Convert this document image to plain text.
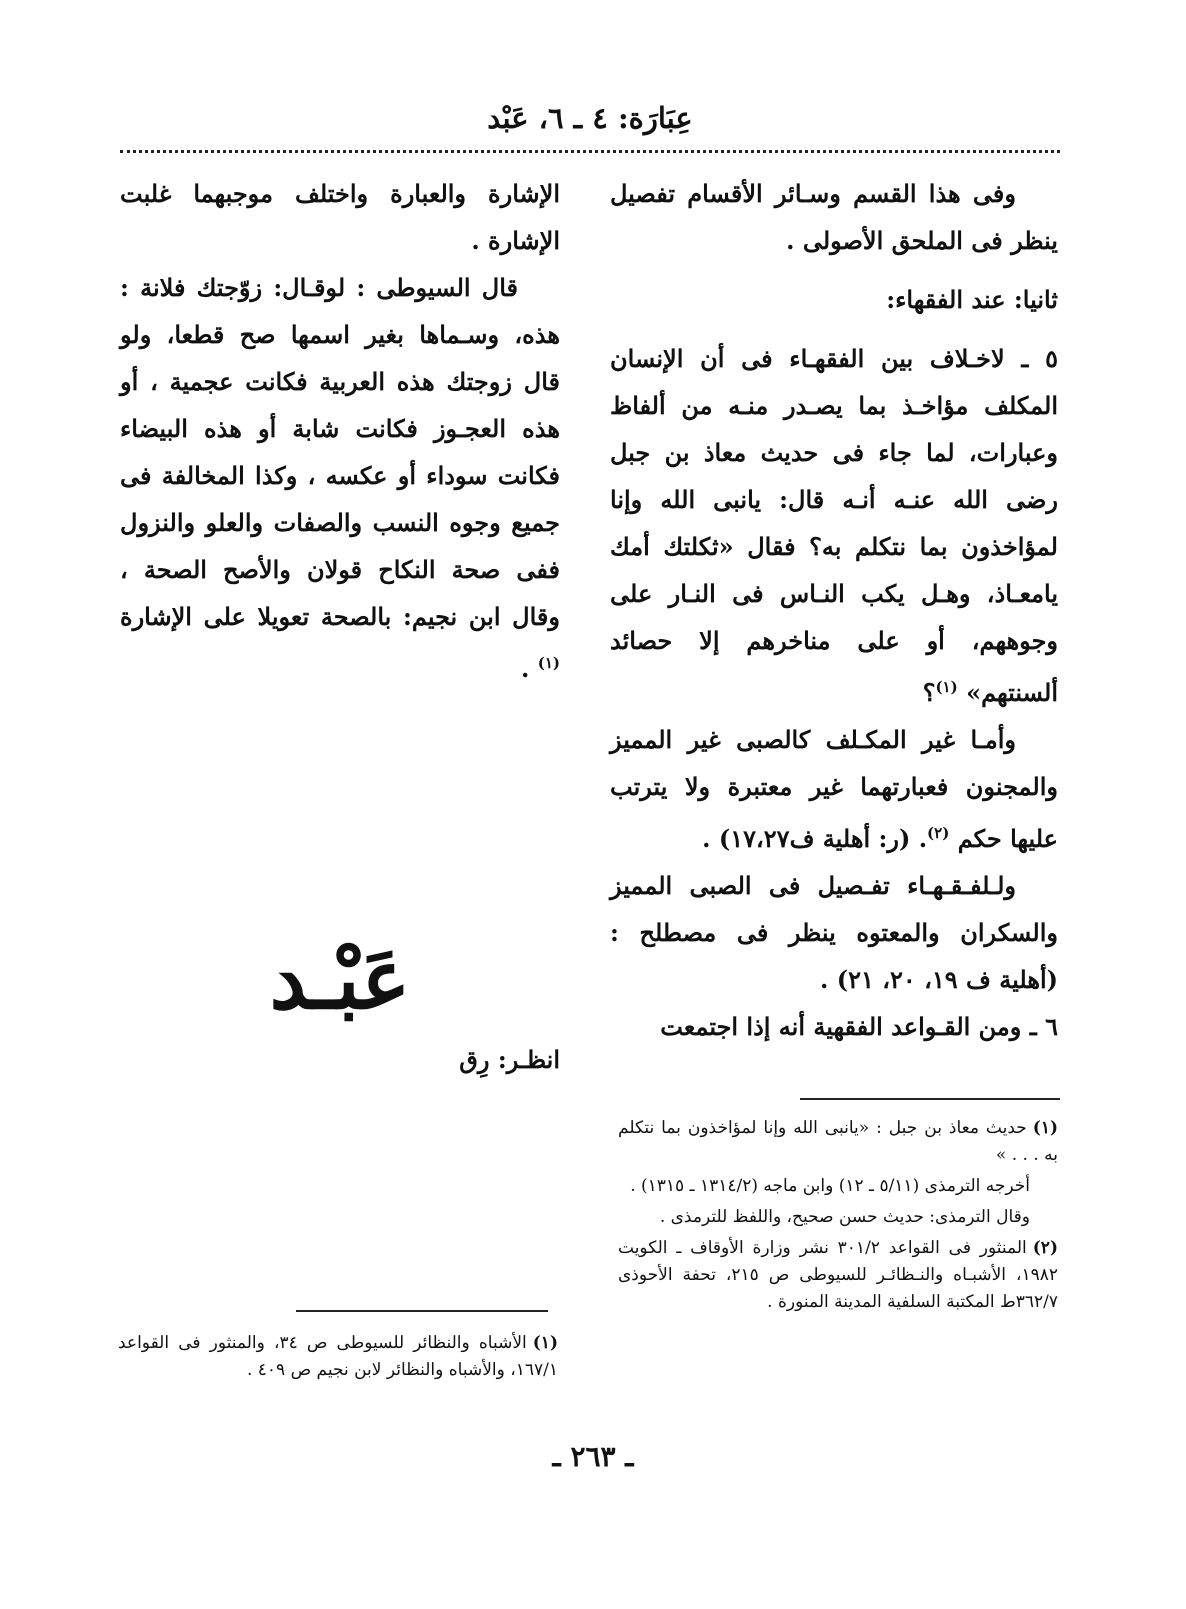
عِبَارَة: ٤ ـ ٦، عَبْد

وفى هذا القسم وسـائر الأقسام تفصيل ينظر فى الملحق الأصولى .

ثانيا: عند الفقهاء:

٥ ـ لاخـلاف بين الفقهـاء فى أن الإنسان المكلف مؤاخـذ بما يصـدر منـه من ألفاظ وعبارات، لما جاء فى حديث معاذ بن جبل رضى الله عنـه أنـه قال: يانبى الله وإنا لمؤاخذون بما نتكلم به؟ فقال «ثكلتك أمك يامعـاذ، وهـل يكب النـاس فى النـار على وجوههم، أو على مناخرهم إلا حصائد ألسنتهم» $^{(١)}$؟

وأمـا غير المكـلف كالصبى غير المميز والمجنون فعبارتهما غير معتبرة ولا يترتب عليها حكم $^{(٢)}$. (ر: أهلية ف١٧،٢٧) .

ولـلفـقـهـاء تفـصيل فى الصبى المميز والسكران والمعتوه ينظر فى مصطلح : (أهلية ف ١٩، ٢٠، ٢١) .

٦ ـ ومن القـواعد الفقهية أنه إذا اجتمعت

الإشارة والعبارة واختلف موجبهما غلبت الإشارة .

قال السيوطى : لوقـال: زوّجتك فلانة : هذه، وسـماها بغير اسمها صح قطعا، ولو قال زوجتك هذه العربية فكانت عجمية ، أو هذه العجـوز فكانت شابة أو هذه البيضاء فكانت سوداء أو عكسه ، وكذا المخالفة فى جميع وجوه النسب والصفات والعلو والنزول ففى صحة النكاح قولان والأصح الصحة ، وقال ابن نجيم: بالصحة تعويلا على الإشارة $^{(١)}$ .

عَبْـد
انظـر: رِق

(١)حديث معاذ بن جبل : «يانبى الله وإنا لمؤاخذون بما نتكلم به . . . »

أخرجه الترمذى (٥/١١ ـ ١٢) وابن ماجه (١٣١٤/٢ ـ ١٣١٥) .

وقال الترمذى: حديث حسن صحيح، واللفظ للترمذى .

(٢)المنثور فى القواعد ٣٠١/٢ نشر وزارة الأوقاف ـ الكويت ١٩٨٢، الأشبـاه والنـظائـر للسيوطى ص ٢١٥، تحفة الأحوذى ٣٦٢/٧ط المكتبة السلفية المدينة المنورة .

(١)الأشباه والنظائر للسيوطى ص ٣٤، والمنثور فى القواعد ١٦٧/١، والأشباه والنظائر لابن نجيم ص ٤٠٩ .

ـ ٢٦٣ ـ
